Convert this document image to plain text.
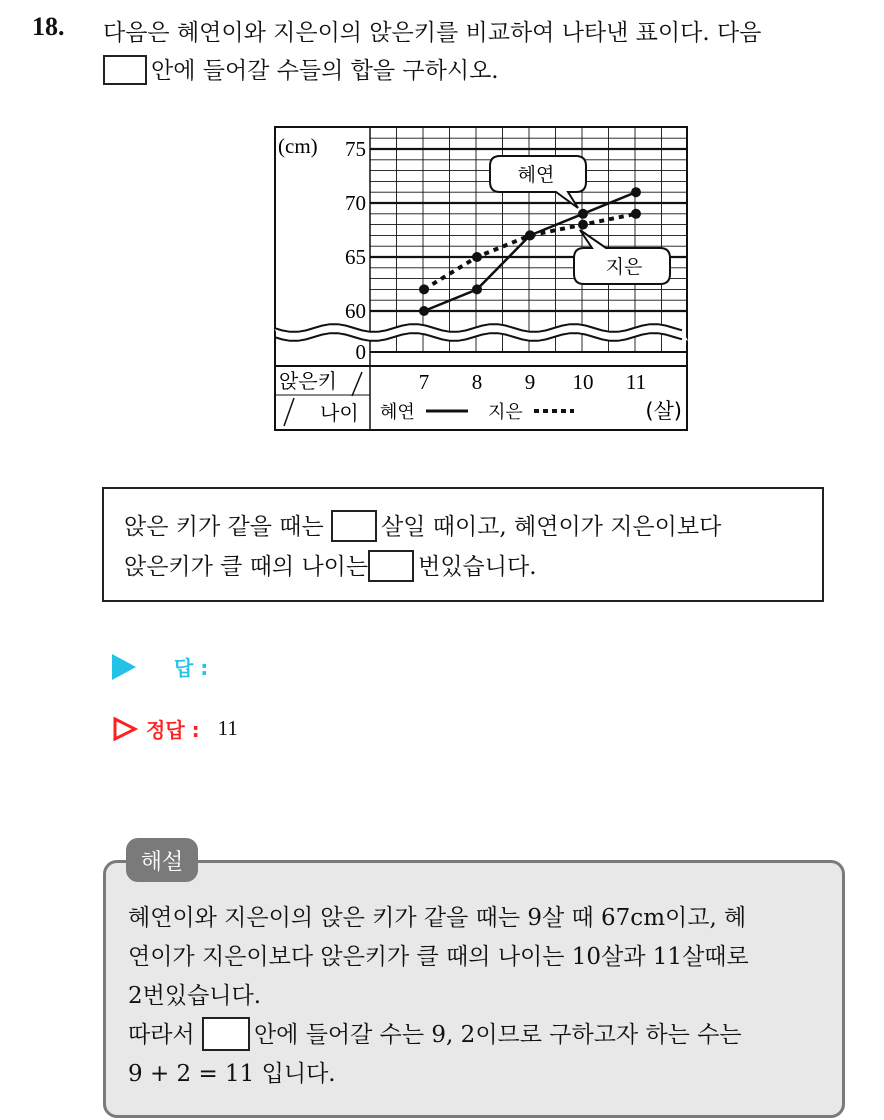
18. 다음은 혜연이와 지은이의 앉은키를 비교하여 나타낸 표이다. 다음
안에 들어갈 수들의 합을 구하시오.
75
70
65
60
0
(cm)
앉은키
나이
7 8 9 10 11
(살)
혜연	지은
혜연
지은
앉은 키가 같을 때는 살일 때이고, 혜연이가 지은이보다
앉은키가 클 때의 나이는 번있습니다.
답 :
정답 : 11
혜연이와 지은이의 앉은 키가 같을 때는 9살 때 67cm이고, 혜
연이가 지은이보다 앉은키가 클 때의 나이는 10살과 11살때로
2번있습니다.
따라서	안에 들어갈 수는 9, 2이므로 구하고자 하는 수는
9 + 2 = 11 입니다.
해설
